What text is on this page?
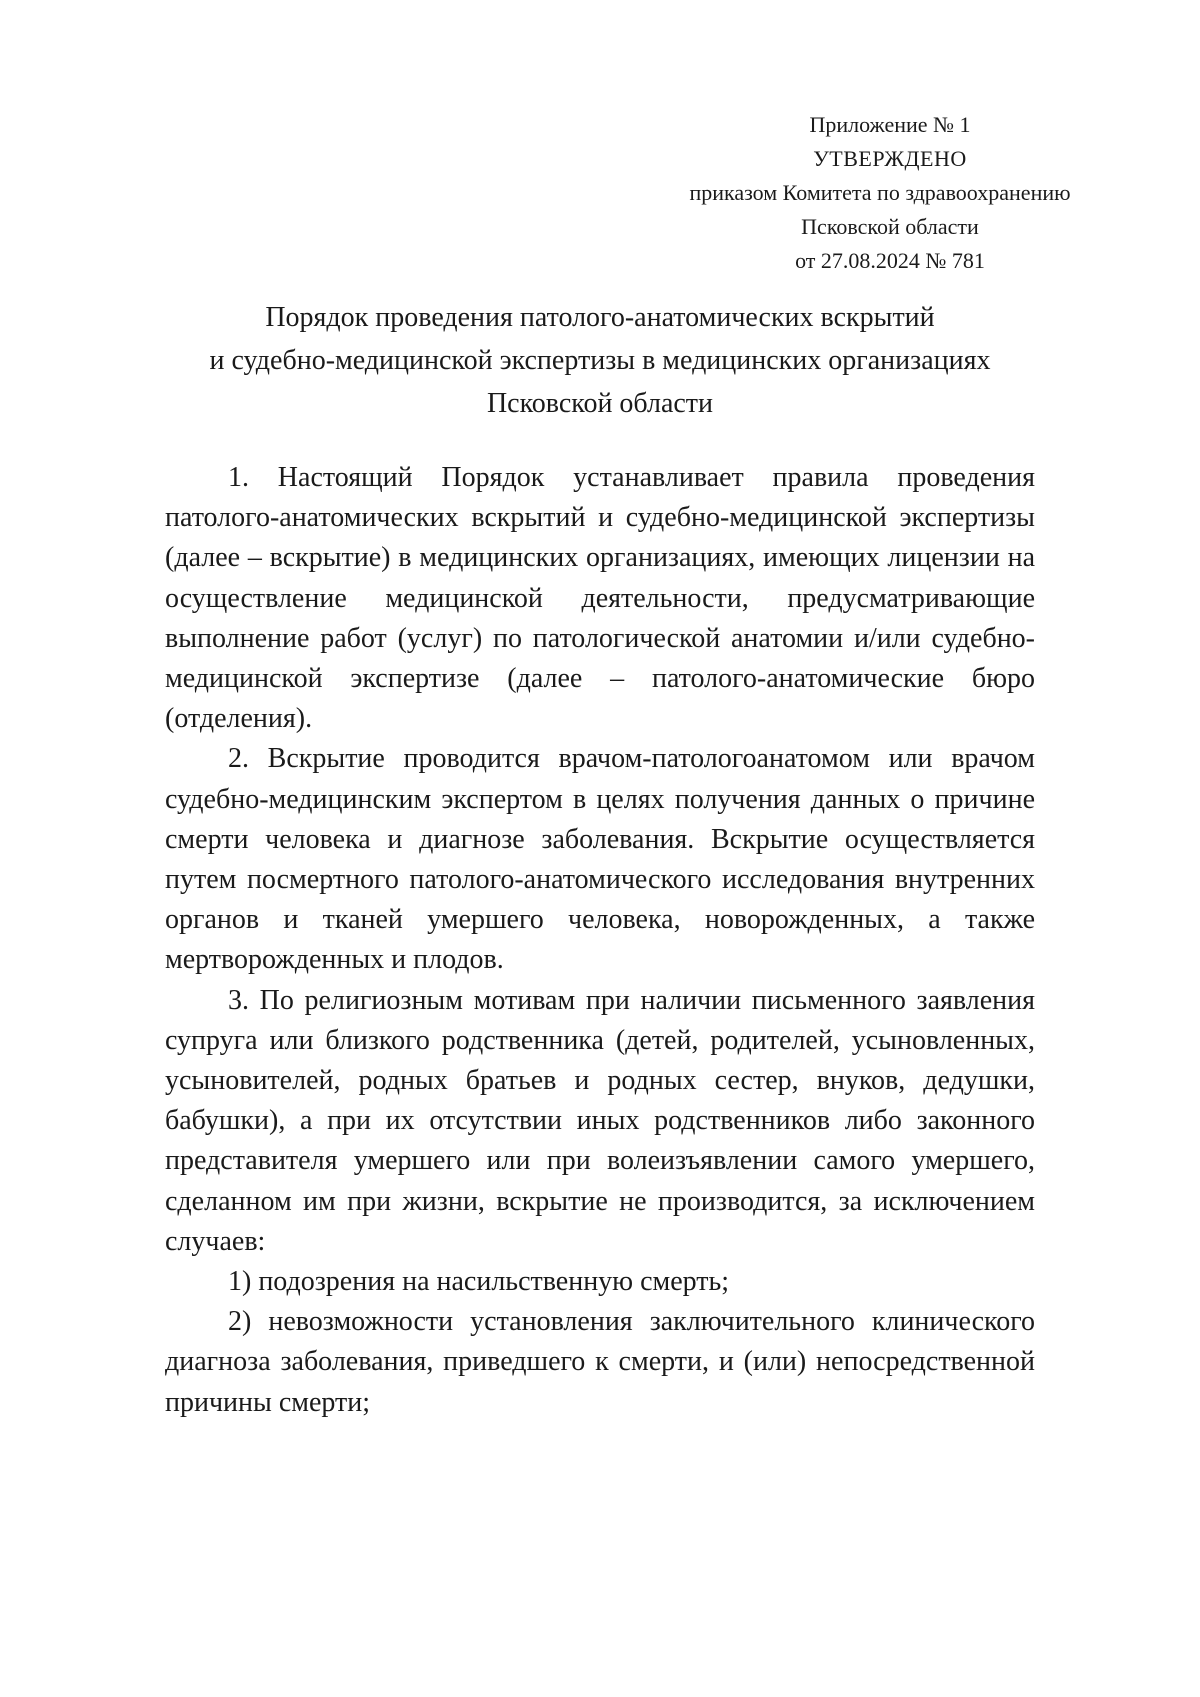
Приложение № 1
УТВЕРЖДЕНО
приказом Комитета по здравоохранению
Псковской области
от 27.08.2024 № 781
Порядок проведения патолого-анатомических вскрытий
и судебно-медицинской экспертизы в медицинских организациях
Псковской области

1. Настоящий Порядок устанавливает правила проведения патолого-анатомических вскрытий и судебно-медицинской экспертизы (далее – вскрытие) в медицинских организациях, имеющих лицензии на осуществление медицинской деятельности, предусматривающие выполнение работ (услуг) по патологической анатомии и/или судебно-медицинской экспертизе (далее – патолого-анатомические бюро (отделения).

2. Вскрытие проводится врачом-патологоанатомом или врачом судебно-медицинским экспертом в целях получения данных о причине смерти человека и диагнозе заболевания. Вскрытие осуществляется путем посмертного патолого-анатомического исследования внутренних органов и тканей умершего человека, новорожденных, а также мертворожденных и плодов.

3. По религиозным мотивам при наличии письменного заявления супруга или близкого родственника (детей, родителей, усыновленных, усыновителей, родных братьев и родных сестер, внуков, дедушки, бабушки), а при их отсутствии иных родственников либо законного представителя умершего или при волеизъявлении самого умершего, сделанном им при жизни, вскрытие не производится, за исключением случаев:

1) подозрения на насильственную смерть;

2) невозможности установления заключительного клинического диагноза заболевания, приведшего к смерти, и (или) непосредственной причины смерти;
